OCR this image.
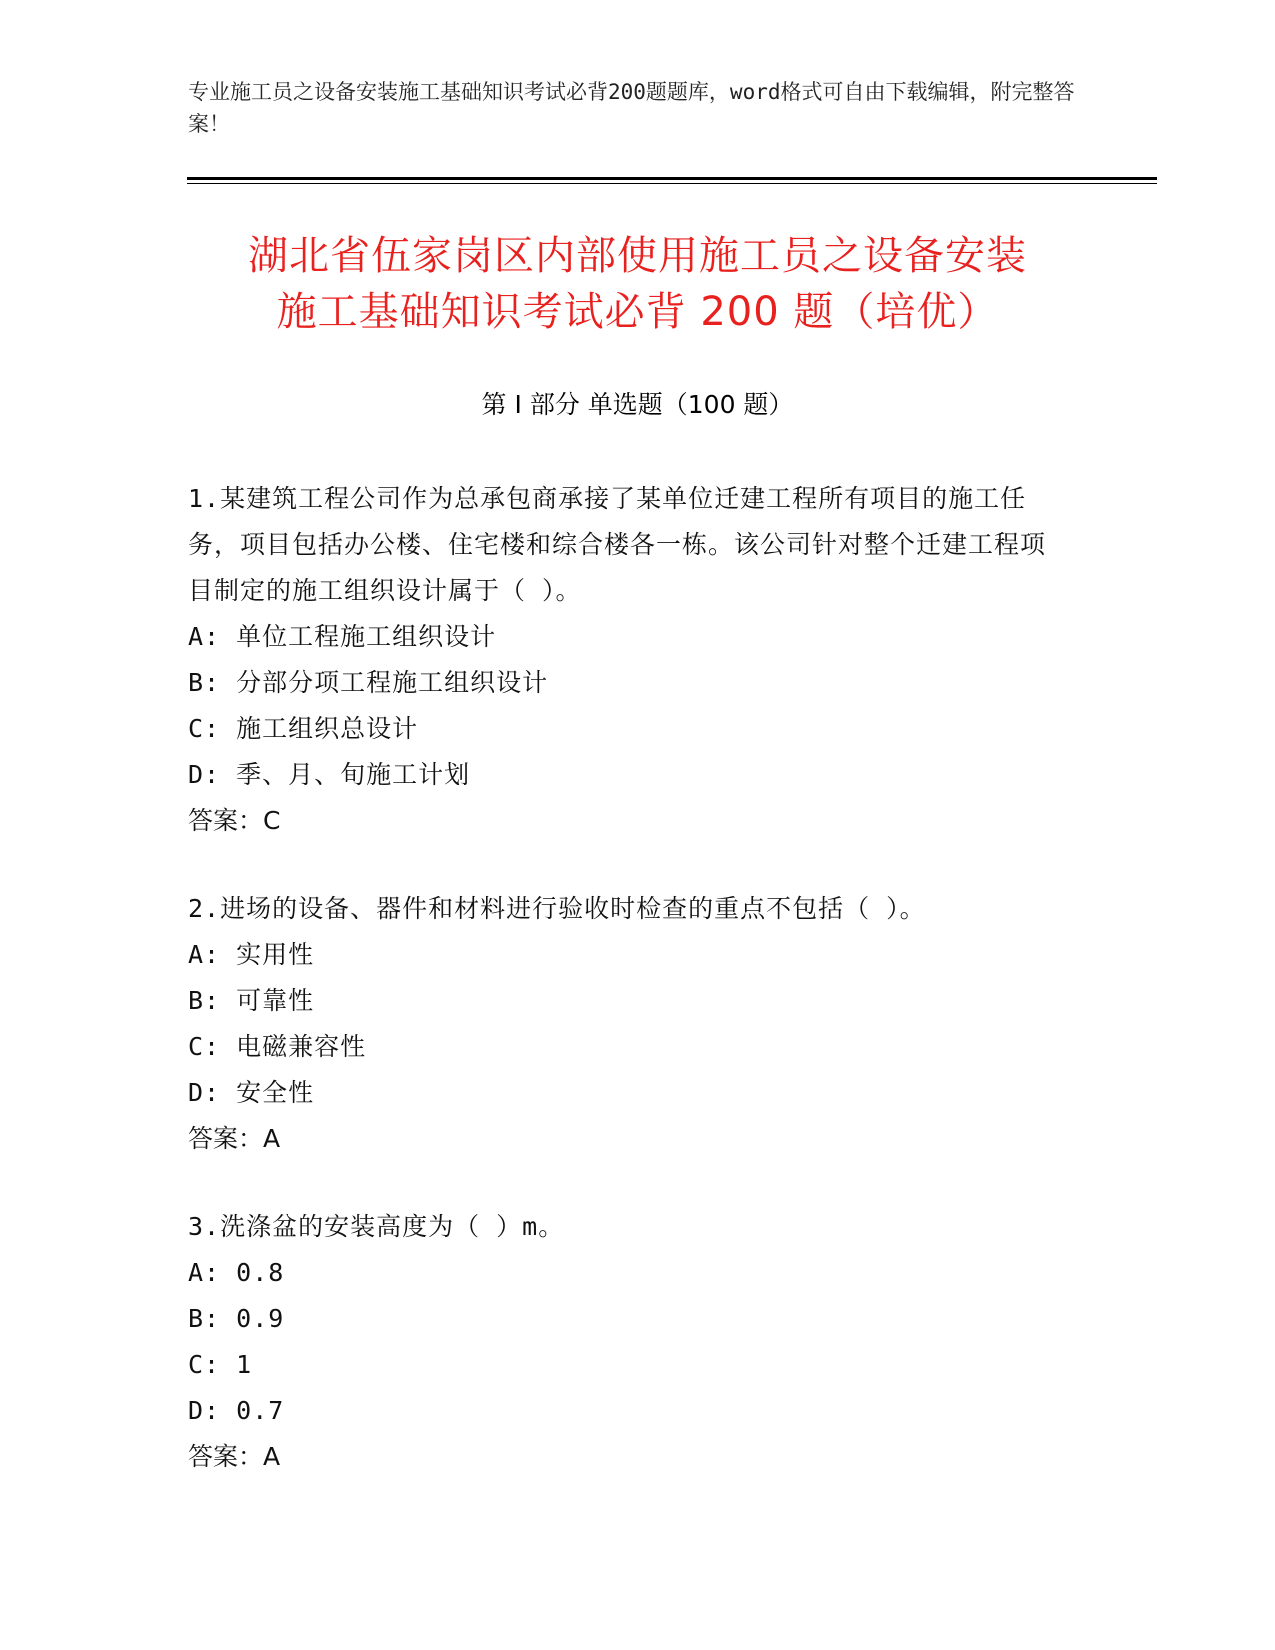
专业施工员之设备安装施工基础知识考试必背200题题库，word格式可自由下载编辑，附完整答案！
湖北省伍家岗区内部使用施工员之设备安装
施工基础知识考试必背 200 题（培优）
第 I 部分 单选题（100 题）
1.某建筑工程公司作为总承包商承接了某单位迁建工程所有项目的施工任务，项目包括办公楼、住宅楼和综合楼各一栋。该公司针对整个迁建工程项目制定的施工组织设计属于（ ）。
A: 单位工程施工组织设计
B: 分部分项工程施工组织设计
C: 施工组织总设计
D: 季、月、旬施工计划
答案：C
2.进场的设备、器件和材料进行验收时检查的重点不包括（ ）。
A: 实用性
B: 可靠性
C: 电磁兼容性
D: 安全性
答案：A
3.洗涤盆的安装高度为（ ）m。
A: 0.8
B: 0.9
C: 1
D: 0.7
答案：A
